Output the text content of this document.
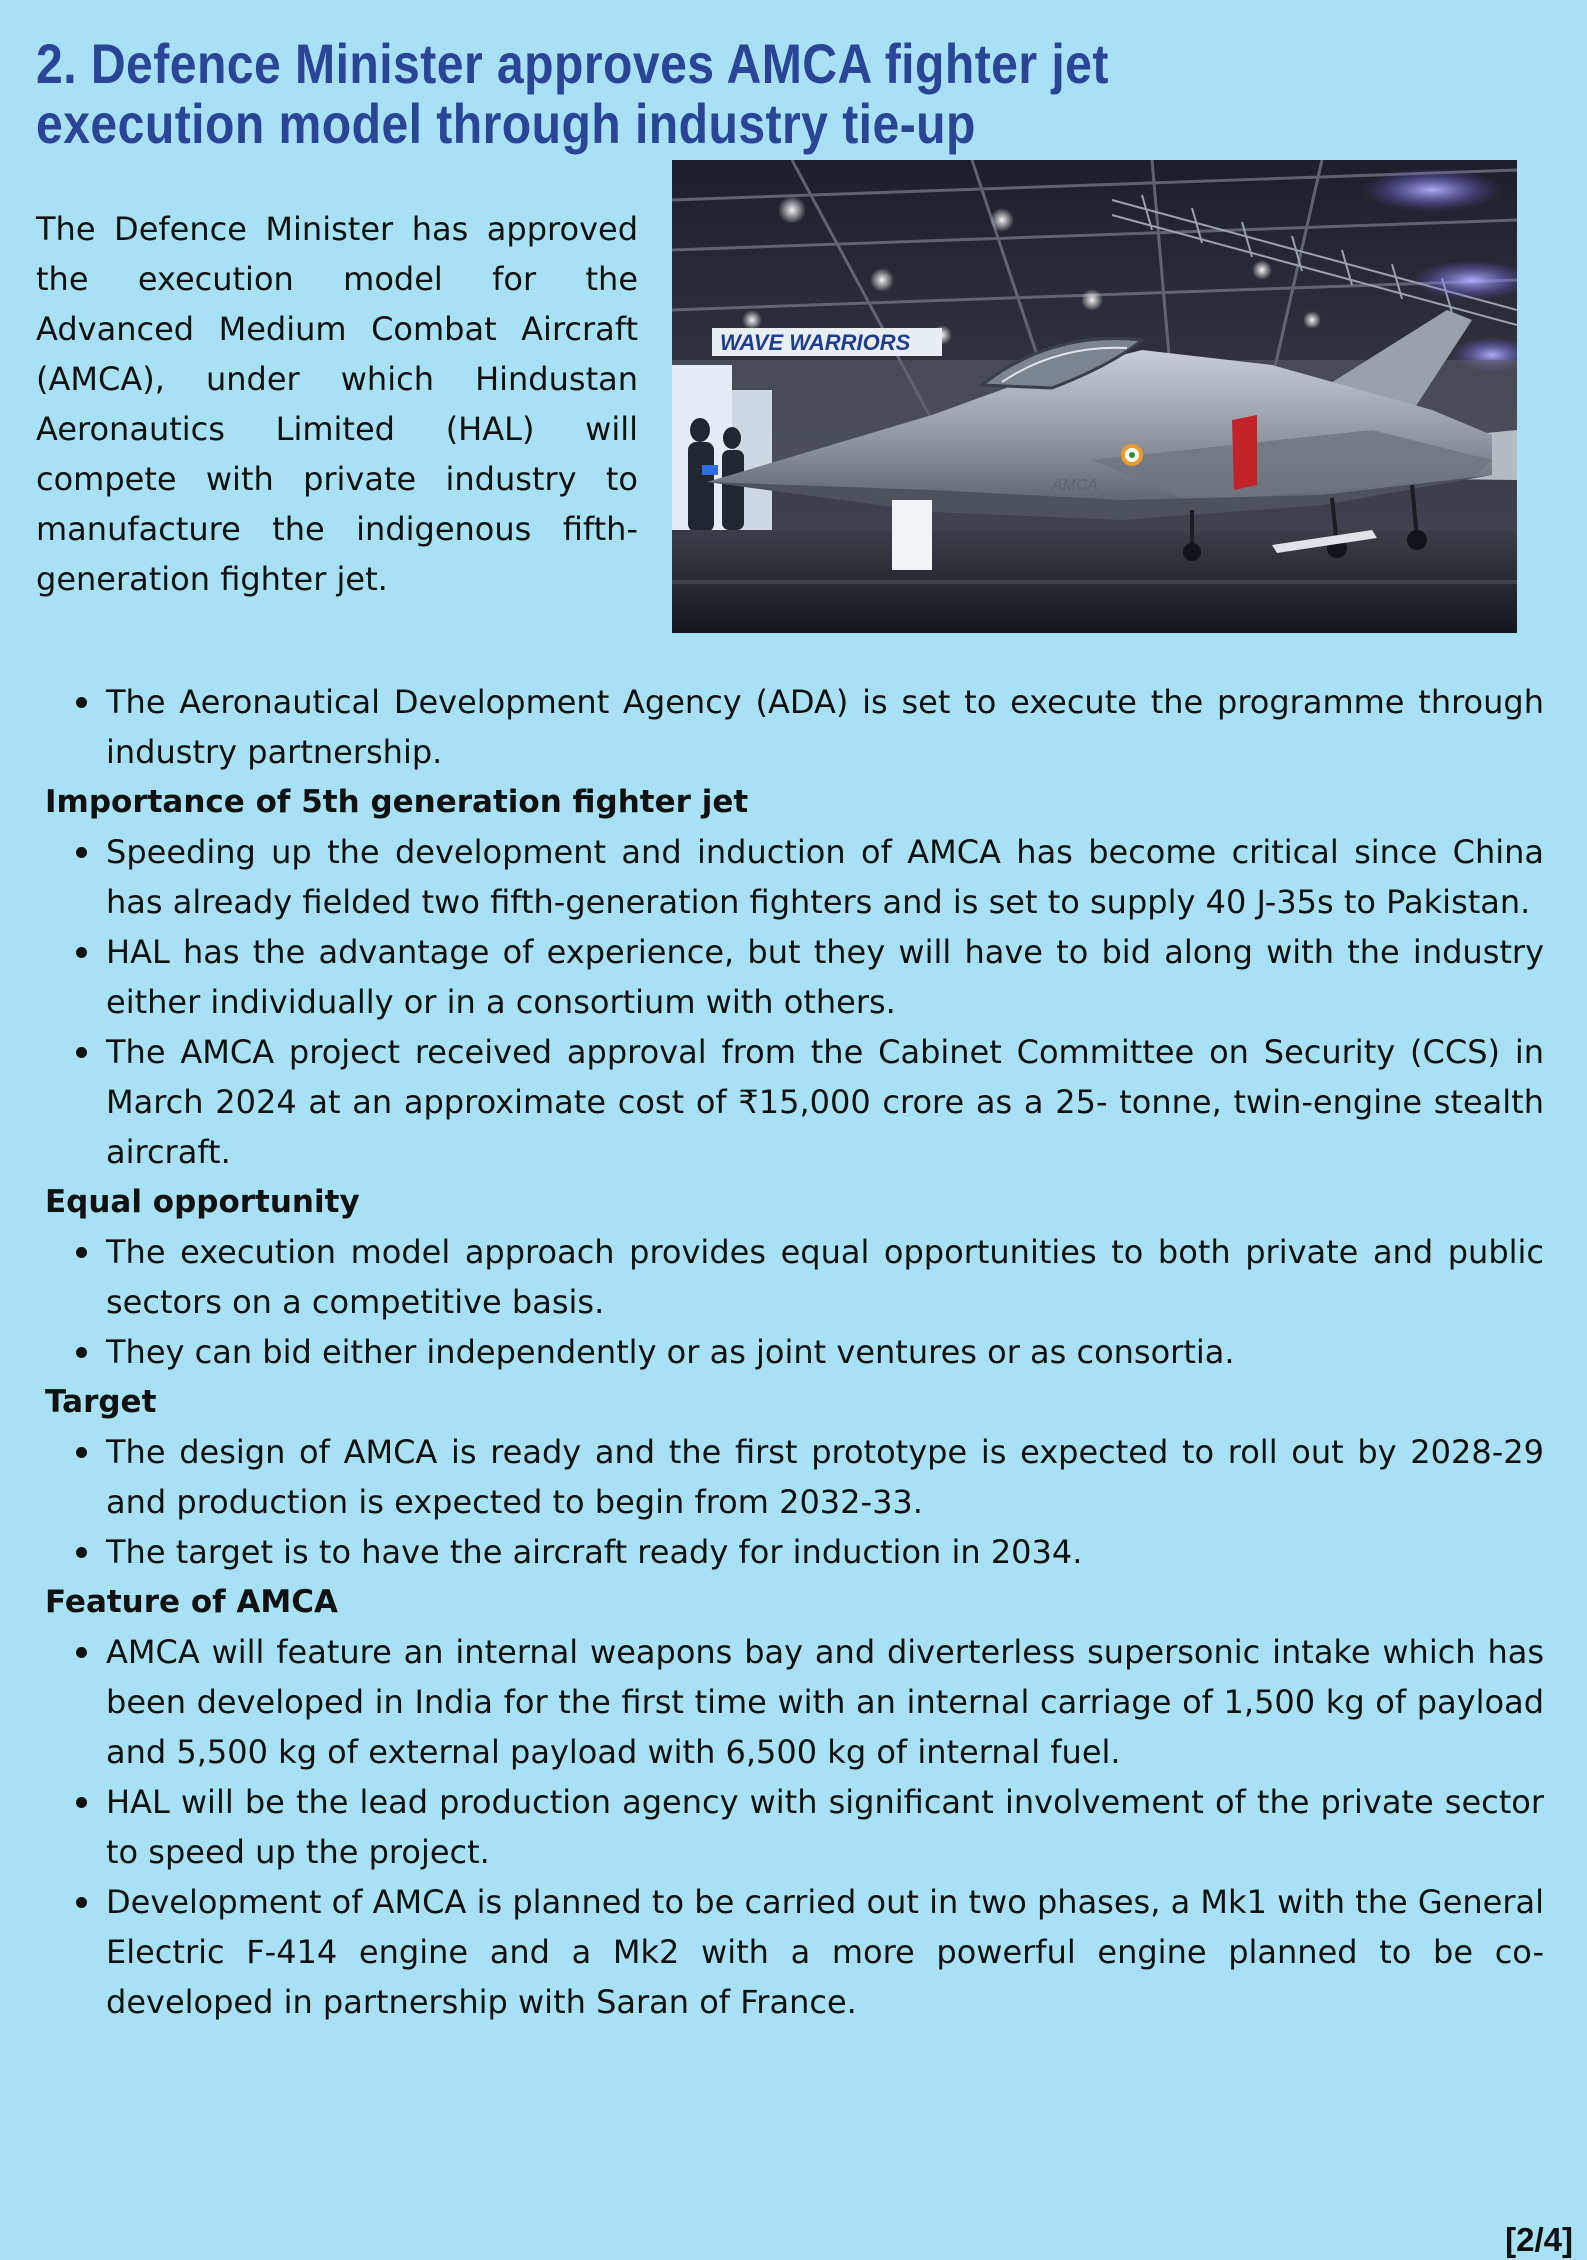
2. Defence Minister approves AMCA fighter jet execution model through industry tie-up

The Defence Minister has approved the execution model for the Advanced Medium Combat Aircraft (AMCA), under which Hindustan Aeronautics Limited (HAL) will compete with private industry to manufacture the indigenous fifth-generation fighter jet.

WAVE WARRIORS
AMCA
The Aeronautical Development Agency (ADA) is set to execute the programme through industry partnership.
Importance of 5th generation fighter jet
Speeding up the development and induction of AMCA has become critical since China has already fielded two fifth-generation fighters and is set to supply 40 J-35s to Pakistan.
HAL has the advantage of experience, but they will have to bid along with the industry either individually or in a consortium with others.
The AMCA project received approval from the Cabinet Committee on Security (CCS) in March 2024 at an approximate cost of ₹15,000 crore as a 25- tonne, twin-engine stealth aircraft.
Equal opportunity
The execution model approach provides equal opportunities to both private and public sectors on a competitive basis.
They can bid either independently or as joint ventures or as consortia.
Target
The design of AMCA is ready and the first prototype is expected to roll out by 2028-29 and production is expected to begin from 2032-33.
The target is to have the aircraft ready for induction in 2034.
Feature of AMCA
AMCA will feature an internal weapons bay and diverterless supersonic intake which has been developed in India for the first time with an internal carriage of 1,500 kg of payload and 5,500 kg of external payload with 6,500 kg of internal fuel.
HAL will be the lead production agency with significant involvement of the private sector to speed up the project.
Development of AMCA is planned to be carried out in two phases, a Mk1 with the General Electric F-414 engine and a Mk2 with a more powerful engine planned to be co-developed in partnership with Saran of France.
[2/4]
